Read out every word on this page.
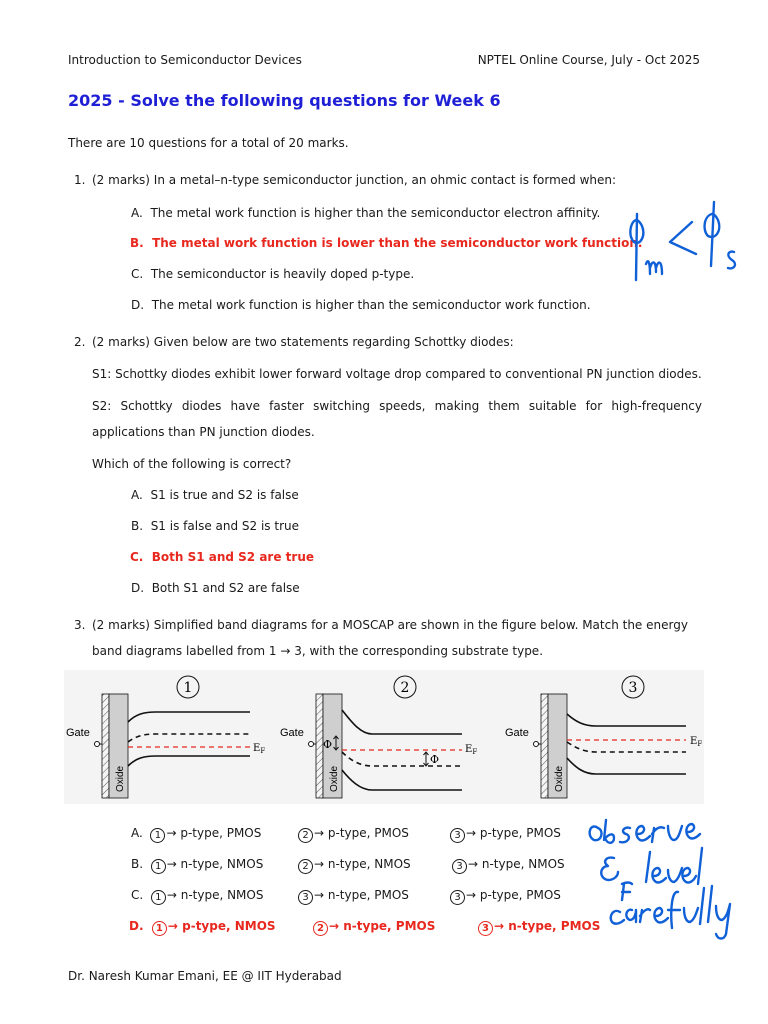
Introduction to Semiconductor Devices	NPTEL Online Course, July - Oct 2025
2025 - Solve the following questions for Week 6
There are 10 questions for a total of 20 marks.
1. (2 marks) In a metal–n-type semiconductor junction, an ohmic contact is formed when:
A. The metal work function is higher than the semiconductor electron affinity.
B. The metal work function is lower than the semiconductor work function.
C. The semiconductor is heavily doped p-type.
D. The metal work function is higher than the semiconductor work function.
2. (2 marks) Given below are two statements regarding Schottky diodes:
S1: Schottky diodes exhibit lower forward voltage drop compared to conventional PN junction diodes.
S2: Schottky diodes have faster switching speeds, making them suitable for high-frequency applications than PN junction diodes.
Which of the following is correct?
A. S1 is true and S2 is false
B. S1 is false and S2 is true
C. Both S1 and S2 are true
D. Both S1 and S2 are false
3. (2 marks) Simplified band diagrams for a MOSCAP are shown in the figure below. Match the energy band diagrams labelled from 1 → 3, with the corresponding substrate type.
1
Gate
Oxide
$E_F$
2
Gate
Oxide
Φ
Φ
$E_F$
3
Gate
Oxide
$E_F$
A. 1 → p-type, PMOS	2 → p-type, PMOS	3 → p-type, PMOS
B. 1 → n-type, NMOS	2 → n-type, NMOS	3 → n-type, NMOS
C. 1 → n-type, NMOS	3 → n-type, PMOS	3 → p-type, PMOS
D. 1 → p-type, NMOS	2 → n-type, PMOS	3 → n-type, PMOS
Dr. Naresh Kumar Emani, EE @ IIT Hyderabad
